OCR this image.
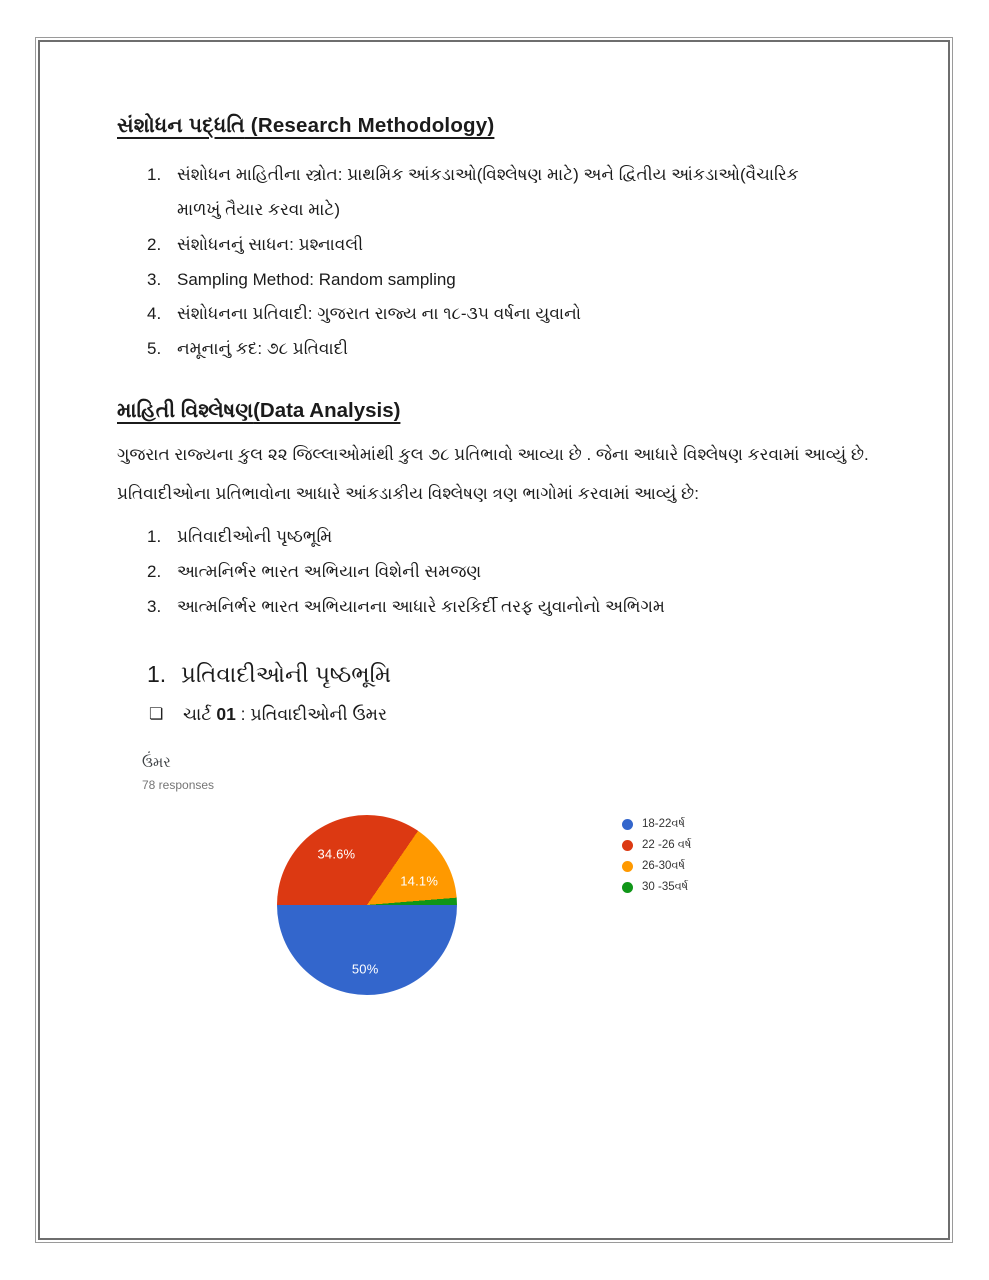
સંશોધન પદ્ધતિ (Research Methodology)
1. સંશોધન માહિતીના સ્ત્રોત: પ્રાથમિક આંકડાઓ(વિશ્લેષણ માટે) અને દ્વિતીય આંકડાઓ(વૈચારિક માળખું તૈયાર કરવા માટે)
2. સંશોધનનું સાધન: પ્રશ્નાવલી
3. Sampling Method: Random sampling
4. સંશોધનના પ્રતિવાદી: ગુજરાત રાજ્ય ના ૧૮-૩૫ વર્ષના યુવાનો
5. નમૂનાનું કદ: ૭૮ પ્રતિવાદી
માહિતી વિશ્લેષણ(Data Analysis)

ગુજરાત રાજ્યના કુલ ૨૨ જિલ્લાઓમાંથી કુલ ૭૮ પ્રતિભાવો આવ્યા છે . જેના આધારે વિશ્લેષણ કરવામાં આવ્યું છે.

પ્રતિવાદીઓના પ્રતિભાવોના આધારે આંકડાકીય વિશ્લેષણ ત્રણ ભાગોમાં કરવામાં આવ્યું છે:

1. પ્રતિવાદીઓની પૃષ્ઠભૂમિ
2. આત્મનિર્ભર ભારત અભિયાન વિશેની સમજણ
3. આત્મનિર્ભર ભારત અભિયાનના આધારે કારકિર્દી તરફ યુવાનોનો અભિગમ
1. પ્રતિવાદીઓની પૃષ્ઠભૂમિ
❏	ચાર્ટ 01 : પ્રતિવાદીઓની ઉમર
ઉંમર
78 responses
50%
34.6%
14.1%
18-22વર્ષ
22 -26 વર્ષ
26-30વર્ષ
30 -35વર્ષ
